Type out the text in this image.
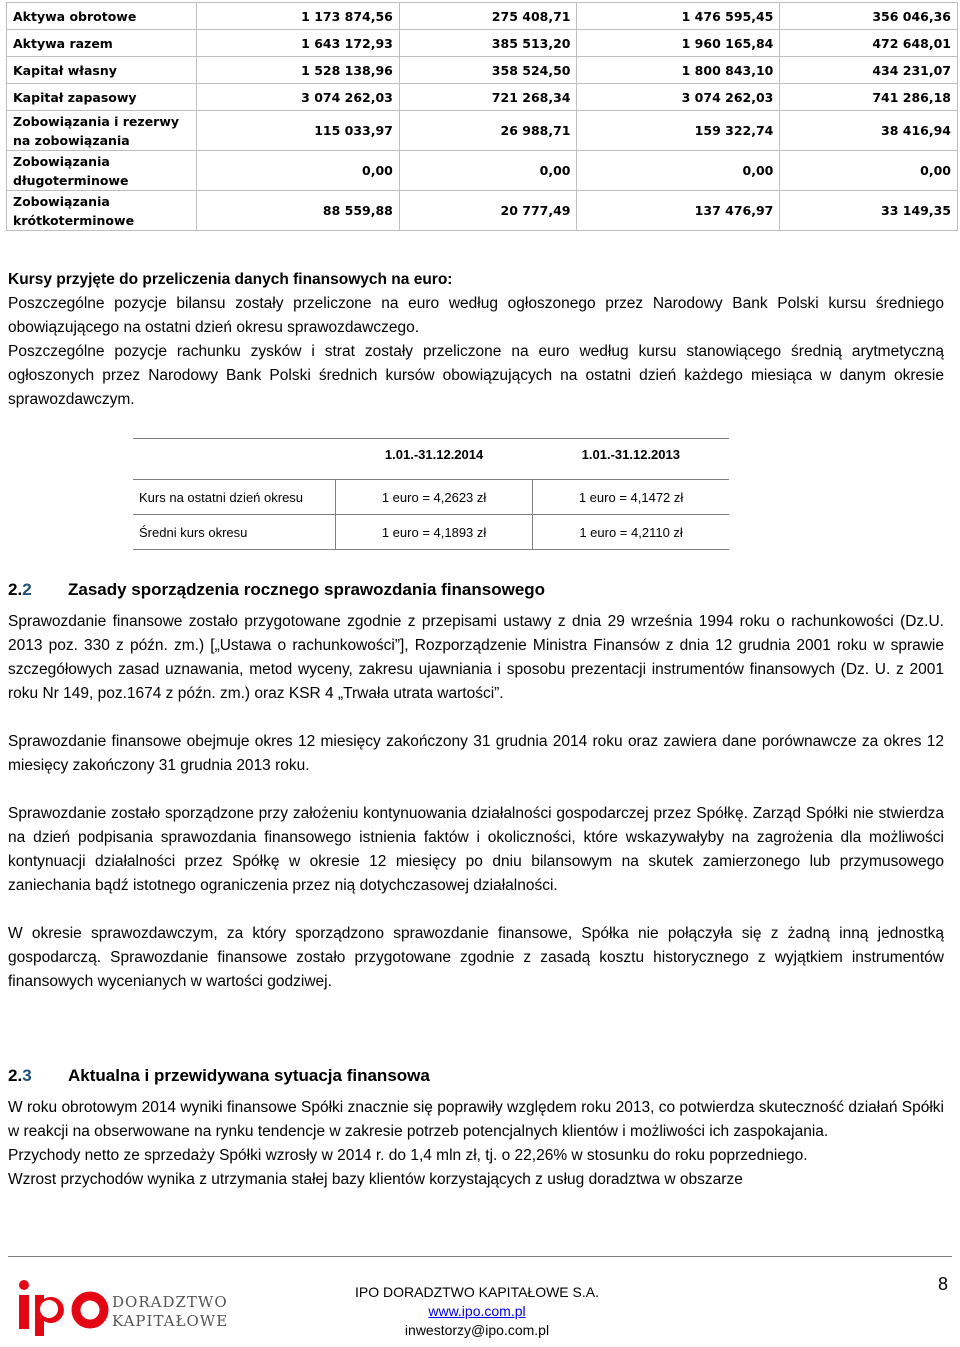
Aktywa obrotowe	1 173 874,56	275 408,71	1 476 595,45	356 046,36
Aktywa razem	1 643 172,93	385 513,20	1 960 165,84	472 648,01
Kapitał własny	1 528 138,96	358 524,50	1 800 843,10	434 231,07
Kapitał zapasowy	3 074 262,03	721 268,34	3 074 262,03	741 286,18
Zobowiązania i rezerwy na zobowiązania	115 033,97	26 988,71	159 322,74	38 416,94
Zobowiązania długoterminowe	0,00	0,00	0,00	0,00
Zobowiązania krótkoterminowe	88 559,88	20 777,49	137 476,97	33 149,35

Kursy przyjęte do przeliczenia danych finansowych na euro:

Poszczególne pozycje bilansu zostały przeliczone na euro według ogłoszonego przez Narodowy Bank Polski kursu średniego obowiązującego na ostatni dzień okresu sprawozdawczego.

Poszczególne pozycje rachunku zysków i strat zostały przeliczone na euro według kursu stanowiącego średnią arytmetyczną ogłoszonych przez Narodowy Bank Polski średnich kursów obowiązujących na ostatni dzień każdego miesiąca w danym okresie sprawozdawczym.

	1.01.-31.12.2014	1.01.-31.12.2013

Kurs na ostatni dzień okresu	1 euro = 4,2623 zł	1 euro = 4,1472 zł
Średni kurs okresu	1 euro = 4,1893 zł	1 euro = 4,2110 zł
2.2 Zasady sporządzenia rocznego sprawozdania finansowego

Sprawozdanie finansowe zostało przygotowane zgodnie z przepisami ustawy z dnia 29 września 1994 roku o rachunkowości (Dz.U. 2013 poz. 330 z późn. zm.) [„Ustawa o rachunkowości”], Rozporządzenie Ministra Finansów z dnia 12 grudnia 2001 roku w sprawie szczegółowych zasad uznawania, metod wyceny, zakresu ujawniania i sposobu prezentacji instrumentów finansowych (Dz. U. z 2001 roku Nr 149, poz.1674 z późn. zm.) oraz KSR 4 „Trwała utrata wartości”.

Sprawozdanie finansowe obejmuje okres 12 miesięcy zakończony 31 grudnia 2014 roku oraz zawiera dane porównawcze za okres 12 miesięcy zakończony 31 grudnia 2013 roku.

Sprawozdanie zostało sporządzone przy założeniu kontynuowania działalności gospodarczej przez Spółkę. Zarząd Spółki nie stwierdza na dzień podpisania sprawozdania finansowego istnienia faktów i okoliczności, które wskazywałyby na zagrożenia dla możliwości kontynuacji działalności przez Spółkę w okresie 12 miesięcy po dniu bilansowym na skutek zamierzonego lub przymusowego zaniechania bądź istotnego ograniczenia przez nią dotychczasowej działalności.

W okresie sprawozdawczym, za który sporządzono sprawozdanie finansowe, Spółka nie połączyła się z żadną inną jednostką gospodarczą. Sprawozdanie finansowe zostało przygotowane zgodnie z zasadą kosztu historycznego z wyjątkiem instrumentów finansowych wycenianych w wartości godziwej.

2.3 Aktualna i przewidywana sytuacja finansowa

W roku obrotowym 2014 wyniki finansowe Spółki znacznie się poprawiły względem roku 2013, co potwierdza skuteczność działań Spółki w reakcji na obserwowane na rynku tendencje w zakresie potrzeb potencjalnych klientów i możliwości ich zaspokajania.

Przychody netto ze sprzedaży Spółki wzrosły w 2014 r. do 1,4 mln zł, tj. o 22,26% w stosunku do roku poprzedniego.

Wzrost przychodów wynika z utrzymania stałej bazy klientów korzystających z usług doradztwa w obszarze

DORADZTWO
KAPITAŁOWE
IPO DORADZTWO KAPITAŁOWE S.A.
www.ipo.com.pl
inwestorzy@ipo.com.pl
8
